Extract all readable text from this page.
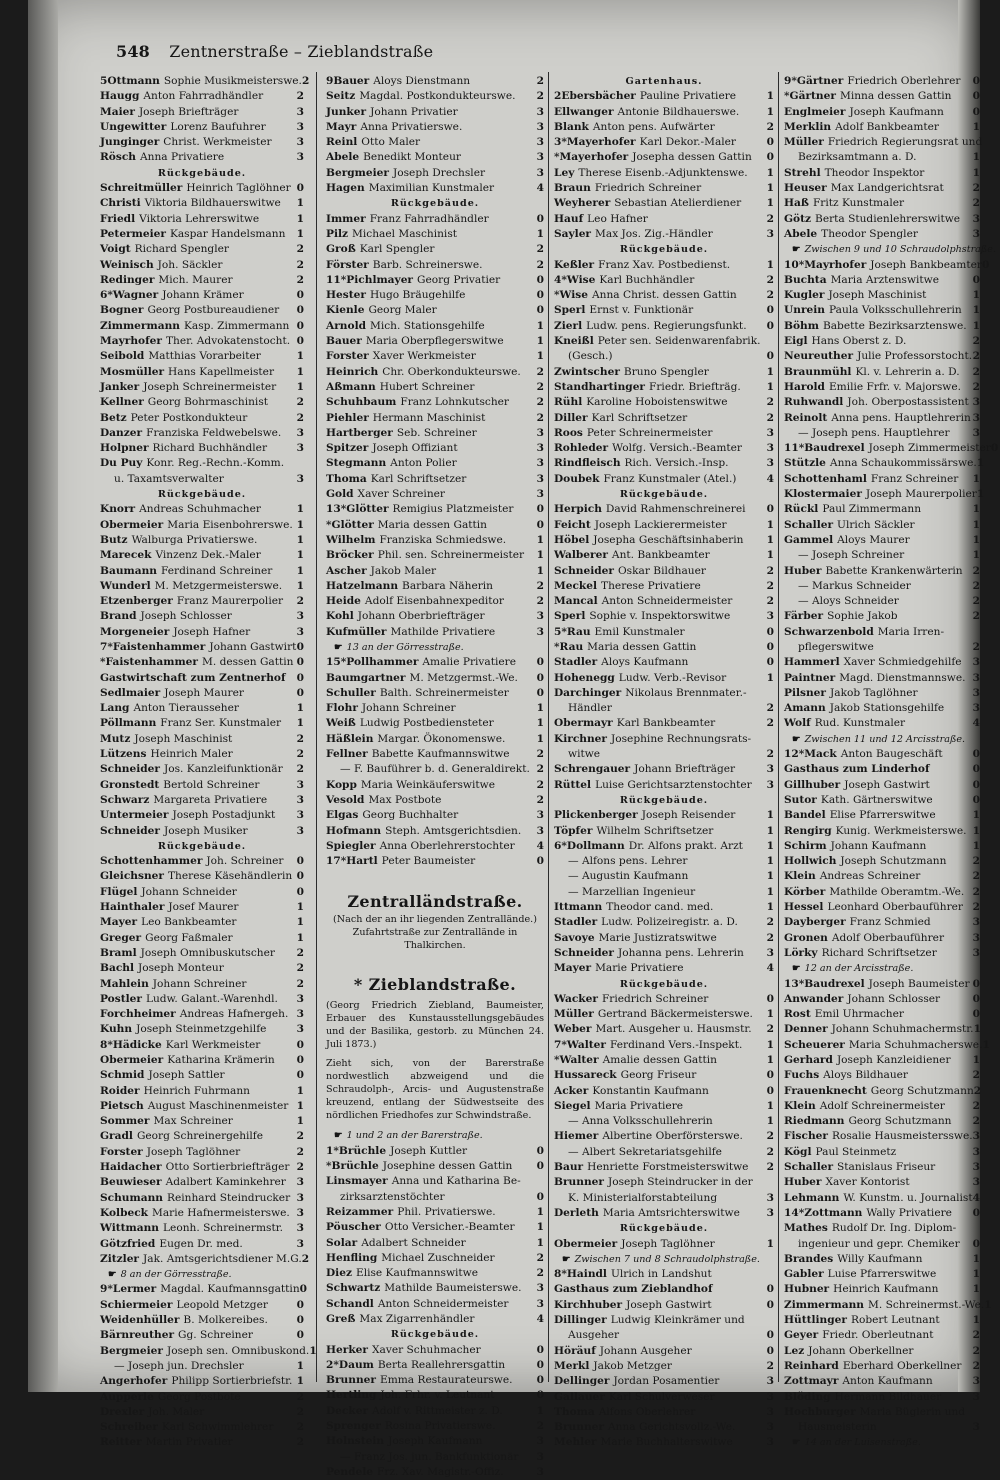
548 Zentnerstraße – Zieblandstraße
5 Ottmann Sophie Musikmeisterswe. 2
Haugg Anton Fahrradhändler	2
Maier Joseph Briefträger	3
Ungewitter Lorenz Baufuhrer	3
Junginger Christ. Werkmeister	3
Rösch Anna Privatiere	3
Rückgebäude.
Schreitmüller Heinrich Taglöhner 0
Christi Viktoria Bildhauerswitwe	1
Friedl Viktoria Lehrerswitwe	1
Petermeier Kaspar Handelsmann	1
Voigt Richard Spengler	2
Weinisch Joh. Säckler	2
Redinger Mich. Maurer	2
6* Wagner Johann Krämer	0
Bogner Georg Postbureaudiener	0
Zimmermann Kasp. Zimmermann 0
Mayrhofer Ther. Advokatenstocht. 0
Seibold Matthias Vorarbeiter	1
Mosmüller Hans Kapellmeister	1
Janker Joseph Schreinermeister	1
Kellner Georg Bohrmaschinist	2
Betz Peter Postkondukteur	2
Danzer Franziska Feldwebelswe.	3
Holpner Richard Buchhändler	3
Du Puy Konr. Reg.-Rechn.-Komm.
u. Taxamtsverwalter	3
Rückgebäude.
Knorr Andreas Schuhmacher	1
Obermeier Maria Eisenbohrerswe. 1
Butz Walburga Privatierswe.	1
Marecek Vinzenz Dek.-Maler	1
Baumann Ferdinand Schreiner	1
Wunderl M. Metzgermeisterswe.	1
Etzenberger Franz Maurerpolier	2
Brand Joseph Schlosser	3
Morgeneier Joseph Hafner	3
7* Faistenhammer Johann Gastwirt 0
* Faistenhammer M. dessen Gattin 0
Gastwirtschaft zum Zentnerhof	0
Sedlmaier Joseph Maurer	0
Lang Anton Tierausseher	1
Pöllmann Franz Ser. Kunstmaler	1
Mutz Joseph Maschinist	2
Lützens Heinrich Maler	2
Schneider Jos. Kanzleifunktionär	2
Gronstedt Bertold Schreiner	3
Schwarz Margareta Privatiere	3
Untermeier Joseph Postadjunkt	3
Schneider Joseph Musiker	3
Rückgebäude.
Schottenhammer Joh. Schreiner	0
Gleichsner Therese Käsehändlerin 0
Flügel Johann Schneider	0
Hainthaler Josef Maurer	1
Mayer Leo Bankbeamter	1
Greger Georg Faßmaler	1
Braml Joseph Omnibuskutscher	2
Bachl Joseph Monteur	2
Mahlein Johann Schreiner	2
Postler Ludw. Galant.-Warenhdl.	3
Forchheimer Andreas Hafnergeh. 3
Kuhn Joseph Steinmetzgehilfe	3
8* Hädicke Karl Werkmeister	0
Obermeier Katharina Krämerin	0
Schmid Joseph Sattler	0
Roider Heinrich Fuhrmann	1
Pietsch August Maschinenmeister 1
Sommer Max Schreiner	1
Gradl Georg Schreinergehilfe	2
Forster Joseph Taglöhner	2
Haidacher Otto Sortierbriefträger 2
Beuwieser Adalbert Kaminkehrer	3
Schumann Reinhard Steindrucker 3
Kolbeck Marie Hafnermeisterswe. 3
Wittmann Leonh. Schreinermstr.	3
Götzfried Eugen Dr. med.	3
Zitzler Jak. Amtsgerichtsdiener M.G. 2
☛ 8 an der Görresstraße.
9* Lermer Magdal. Kaufmannsgattin 0
Schiermeier Leopold Metzger	0
Weidenhüller B. Molkereibes.	0
Bärnreuther Gg. Schreiner	0
Bergmeier Joseph sen. Omnibuskond. 1
— Joseph jun. Drechsler	1
Angerhofer Philipp Sortierbriefstr. 1
Aupperle Georg Postbote	2
Drexler Joh. Maler	2
Schreiber Karl Schwimmlehrer	2
Reitter Martin Privatier	2
9 Bauer Aloys Dienstmann	2
Seitz Magdal. Postkondukteurswe.	2
Junker Johann Privatier	3
Mayr Anna Privatierswe.	3
Reinl Otto Maler	3
Abele Benedikt Monteur	3
Bergmeier Joseph Drechsler	3
Hagen Maximilian Kunstmaler	4
Rückgebäude.
Immer Franz Fahrradhändler	0
Pilz Michael Maschinist	1
Groß Karl Spengler	2
Förster Barb. Schreinerswe.	2
11* Pichlmayer Georg Privatier	0
Hester Hugo Bräugehilfe	0
Kienle Georg Maler	0
Arnold Mich. Stationsgehilfe	1
Bauer Maria Oberpflegerswitwe	1
Forster Xaver Werkmeister	1
Heinrich Chr. Oberkondukteurswe.	2
Aßmann Hubert Schreiner	2
Schuhbaum Franz Lohnkutscher	2
Piehler Hermann Maschinist	2
Hartberger Seb. Schreiner	3
Spitzer Joseph Offiziant	3
Stegmann Anton Polier	3
Thoma Karl Schriftsetzer	3
Gold Xaver Schreiner	3
13* Glötter Remigius Platzmeister	0
* Glötter Maria dessen Gattin	0
Wilhelm Franziska Schmiedswe.	1
Bröcker Phil. sen. Schreinermeister	1
Ascher Jakob Maler	1
Hatzelmann Barbara Näherin	2
Heide Adolf Eisenbahnexpeditor	2
Kohl Johann Oberbriefträger	3
Kufmüller Mathilde Privatiere	3
☛ 13 an der Görresstraße.
15* Pollhammer Amalie Privatiere	0
Baumgartner M. Metzgermst.-We.	0
Schuller Balth. Schreinermeister	0
Flohr Johann Schreiner	1
Weiß Ludwig Postbediensteter	1
Häßlein Margar. Ökonomenswe.	1
Fellner Babette Kaufmannswitwe	2
— F. Bauführer b. d. Generaldirekt. 2
Kopp Maria Weinkäuferswitwe	2
Vesold Max Postbote	2
Elgas Georg Buchhalter	3
Hofmann Steph. Amtsgerichtsdien.	3
Spiegler Anna Oberlehrerstochter	4
17* Hartl Peter Baumeister	0
Zentralländstraße.
(Nach der an ihr liegenden Zentrallände.)
Zufahrtstraße zur Zentrallände in Thalkirchen.
* Zieblandstraße.
(Georg Friedrich Ziebland, Baumeister, Erbauer des Kunstausstellungsgebäudes und der Basilika, gestorb. zu München 24. Juli 1873.)
Zieht sich, von der Barerstraße nordwestlich abzweigend und die Schraudolph-, Arcis- und Augustenstraße kreuzend, entlang der Südwestseite des nördlichen Friedhofes zur Schwindstraße.
☛ 1 und 2 an der Barerstraße.
1* Brüchle Joseph Kuttler	0
* Brüchle Josephine dessen Gattin	0
Linsmayer Anna und Katharina Be-
zirksarztenstöchter	0
Reizammer Phil. Privatierswe.	1
Pöuscher Otto Versicher.-Beamter	1
Solar Adalbert Schneider	1
Henfling Michael Zuschneider	2
Diez Elise Kaufmannswitwe	2
Schwartz Mathilde Baumeisterswe.	3
Schandl Anton Schneidermeister	3
Greß Max Zigarrenhändler	4
Rückgebäude.
Herker Xaver Schuhmacher	0
2* Daum Berta Reallehrersgattin	0
Brunner Emma Restaurateurswe.	0
Hertling Joh. Frhr. v. Leutnant	0
Decker Adolf v. Rittmeister z. D.	1
Sprenger Rosina Privatierswe.	2
Holnstein Joseph Kaufmann	3
— Franz Jos. jun. Bankfunktionär	3
Pendele Frz. Xav. Magistr.-Offiz.	3
Gartenhaus.
2 Ebersbächer Pauline Privatiere	1
Ellwanger Antonie Bildhauerswe.	1
Blank Anton pens. Aufwärter	2
3* Mayerhofer Karl Dekor.-Maler	0
* Mayerhofer Josepha dessen Gattin	0
Ley Therese Eisenb.-Adjunktenswe.	1
Braun Friedrich Schreiner	1
Weyherer Sebastian Atelierdiener	1
Hauf Leo Hafner	2
Sayler Max Jos. Zig.-Händler	3
Rückgebäude.
Keßler Franz Xav. Postbedienst.	1
4* Wise Karl Buchhändler	2
* Wise Anna Christ. dessen Gattin	2
Sperl Ernst v. Funktionär	0
Zierl Ludw. pens. Regierungsfunkt.	0
Kneißl Peter sen. Seidenwarenfabrik.
(Gesch.)	0
Zwintscher Bruno Spengler	1
Standhartinger Friedr. Briefträg.	1
Rühl Karoline Hoboistenswitwe	2
Diller Karl Schriftsetzer	2
Roos Peter Schreinermeister	3
Rohleder Wolfg. Versich.-Beamter	3
Rindfleisch Rich. Versich.-Insp.	3
Doubek Franz Kunstmaler (Atel.)	4
Rückgebäude.
Herpich David Rahmenschreinerei	0
Feicht Joseph Lackierermeister	1
Höbel Josepha Geschäftsinhaberin	1
Walberer Ant. Bankbeamter	1
Schneider Oskar Bildhauer	2
Meckel Therese Privatiere	2
Mancal Anton Schneidermeister	2
Sperl Sophie v. Inspektorswitwe	3
5* Rau Emil Kunstmaler	0
* Rau Maria dessen Gattin	0
Stadler Aloys Kaufmann	0
Hohenegg Ludw. Verb.-Revisor	1
Darchinger Nikolaus Brennmater.-
Händler	2
Obermayr Karl Bankbeamter	2
Kirchner Josephine Rechnungsrats-
witwe	2
Schrengauer Johann Briefträger	3
Rüttel Luise Gerichtsarztenstochter	3
Rückgebäude.
Plickenberger Joseph Reisender	1
Töpfer Wilhelm Schriftsetzer	1
6* Dollmann Dr. Alfons prakt. Arzt	1
— Alfons pens. Lehrer	1
— Augustin Kaufmann	1
— Marzellian Ingenieur	1
Ittmann Theodor cand. med.	1
Stadler Ludw. Polizeiregistr. a. D.	2
Savoye Marie Justizratswitwe	2
Schneider Johanna pens. Lehrerin	3
Mayer Marie Privatiere	4
Rückgebäude.
Wacker Friedrich Schreiner	0
Müller Gertrand Bäckermeisterswe.	1
Weber Mart. Ausgeher u. Hausmstr.	2
7* Walter Ferdinand Vers.-Inspekt.	1
* Walter Amalie dessen Gattin	1
Hussareck Georg Friseur	0
Acker Konstantin Kaufmann	0
Siegel Maria Privatiere	1
— Anna Volksschullehrerin	1
Hiemer Albertine Oberförsterswe.	2
— Albert Sekretariatsgehilfe	2
Baur Henriette Forstmeisterswitwe	2
Brunner Joseph Steindrucker in der
K. Ministerialforstabteilung	3
Derleth Maria Amtsrichterswitwe	3
Rückgebäude.
Obermeier Joseph Taglöhner	1
☛ Zwischen 7 und 8 Schraudolphstraße.
8* Haindl Ulrich in Landshut
Gasthaus zum Zieblandhof	0
Kirchhuber Joseph Gastwirt	0
Dillinger Ludwig Kleinkrämer und
Ausgeher	0
Höräuf Johann Ausgeher	0
Merkl Jakob Metzger	2
Dellinger Jordan Posamentier	3
Gallauer Karl Schulverweser	3
Thoma Alfons Oberlehrer	3
Brunner Anna Gerichtsvollz.-We.	3
Mehler Marie Buchhalterswitwe	3
9* Gärtner Friedrich Oberlehrer	0
* Gärtner Minna dessen Gattin	0
Englmeier Joseph Kaufmann	0
Merklin Adolf Bankbeamter	1
Müller Friedrich Regierungsrat und
Bezirksamtmann a. D.	1
Strehl Theodor Inspektor	1
Heuser Max Landgerichtsrat	2
Haß Fritz Kunstmaler	2
Götz Berta Studienlehrerswitwe	3
Abele Theodor Spengler	3
☛ Zwischen 9 und 10 Schraudolphstraße.
10* Mayrhofer Joseph Bankbeamter 0
Buchta Maria Arztenswitwe	0
Kugler Joseph Maschinist	1
Unrein Paula Volksschullehrerin	1
Böhm Babette Bezirksarztenswe. 1
Eigl Hans Oberst z. D.	2
Neureuther Julie Professorstocht. 2
Braunmühl Kl. v. Lehrerin a. D.	2
Harold Emilie Frfr. v. Majorswe.	2
Ruhwandl Joh. Oberpostassistent 3
Reinolt Anna pens. Hauptlehrerin 3
— Joseph pens. Hauptlehrer	3
11* Baudrexel Joseph Zimmermeister 0
Stützle Anna Schaukommissärswe. 1
Schottenhaml Franz Schreiner	1
Klostermaier Joseph Maurerpolier 1
Rückl Paul Zimmermann	1
Schaller Ulrich Säckler	1
Gammel Aloys Maurer	1
— Joseph Schreiner	1
Huber Babette Krankenwärterin 2
— Markus Schneider	2
— Aloys Schneider	2
Färber Sophie Jakob	2
Schwarzenbold Maria Irren-
pflegerswitwe	2
Hammerl Xaver Schmiedgehilfe	3
Paintner Magd. Dienstmannswe. 3
Pilsner Jakob Taglöhner	3
Amann Jakob Stationsgehilfe	3
Wolf Rud. Kunstmaler	4
☛ Zwischen 11 und 12 Arcisstraße.
12* Mack Anton Baugeschäft	0
Gasthaus zum Linderhof	0
Gillhuber Joseph Gastwirt	0
Sutor Kath. Gärtnerswitwe	0
Bandel Elise Pfarrerswitwe	1
Rengirg Kunig. Werkmeisterswe. 1
Schirm Johann Kaufmann	1
Hollwich Joseph Schutzmann	2
Klein Andreas Schreiner	2
Körber Mathilde Oberamtm.-We. 2
Hessel Leonhard Oberbauführer 2
Dayberger Franz Schmied	3
Gronen Adolf Oberbauführer	3
Lörky Richard Schriftsetzer	3
☛ 12 an der Arcisstraße.
13* Baudrexel Joseph Baumeister 0
Anwander Johann Schlosser	0
Rost Emil Uhrmacher	0
Denner Johann Schuhmachermstr. 1
Scheuerer Maria Schuhmacherswe. 1
Gerhard Joseph Kanzleidiener	1
Fuchs Aloys Bildhauer	2
Frauenknecht Georg Schutzmann 2
Klein Adolf Schreinermeister	2
Riedmann Georg Schutzmann	2
Fischer Rosalie Hausmeistersswe. 3
Kögl Paul Steinmetz	3
Schaller Stanislaus Friseur	3
Huber Xaver Kontorist	3
Lehmann W. Kunstm. u. Journalist 4
14* Zottmann Wally Privatiere	0
Mathes Rudolf Dr. Ing. Diplom-
ingenieur und gepr. Chemiker	0
Brandes Willy Kaufmann	1
Gabler Luise Pfarrerswitwe	1
Hubner Heinrich Kaufmann	1
Zimmermann M. Schreinermst.-We. 1
Hüttlinger Robert Leutnant	1
Geyer Friedr. Oberleutnant	2
Lez Johann Oberkellner	2
Reinhard Eberhard Oberkellner	2
Zottmayr Anton Kaufmann	3
Blöding Hermann Bildhauer	3
Hochburger Maria Büglerin und
Hausmeisterin	3
☛ 14 an der Luisenstraße.
